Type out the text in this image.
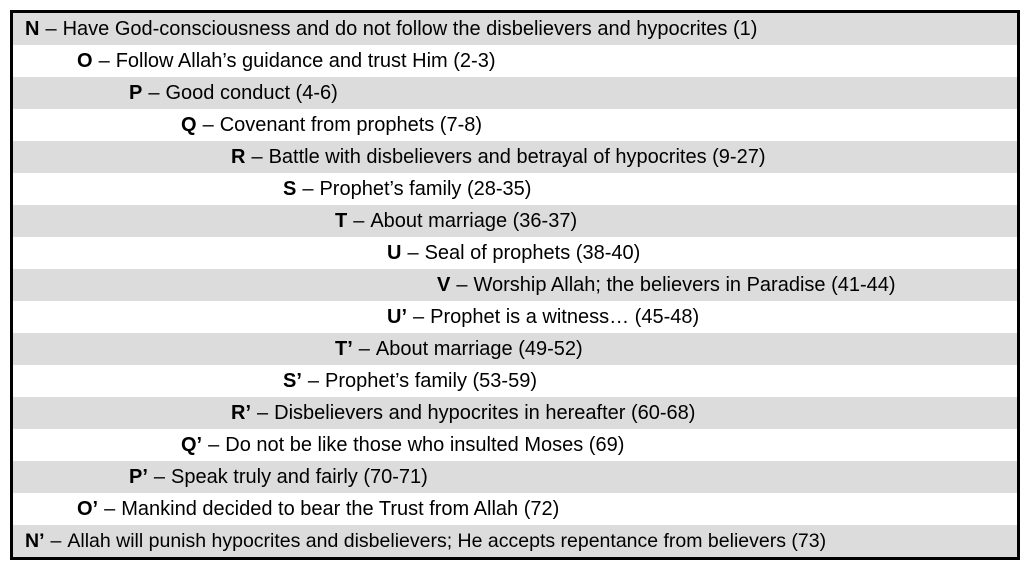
N – Have God-consciousness and do not follow the disbelievers and hypocrites (1)
O – Follow Allah’s guidance and trust Him (2-3)
P – Good conduct (4-6)
Q – Covenant from prophets (7-8)
R – Battle with disbelievers and betrayal of hypocrites (9-27)
S – Prophet’s family (28-35)
T – About marriage (36-37)
U – Seal of prophets (38-40)
V – Worship Allah; the believers in Paradise (41-44)
U’ – Prophet is a witness… (45-48)
T’ – About marriage (49-52)
S’ – Prophet’s family (53-59)
R’ – Disbelievers and hypocrites in hereafter (60-68)
Q’ – Do not be like those who insulted Moses (69)
P’ – Speak truly and fairly (70-71)
O’ – Mankind decided to bear the Trust from Allah (72)
N’ – Allah will punish hypocrites and disbelievers; He accepts repentance from believers (73)
